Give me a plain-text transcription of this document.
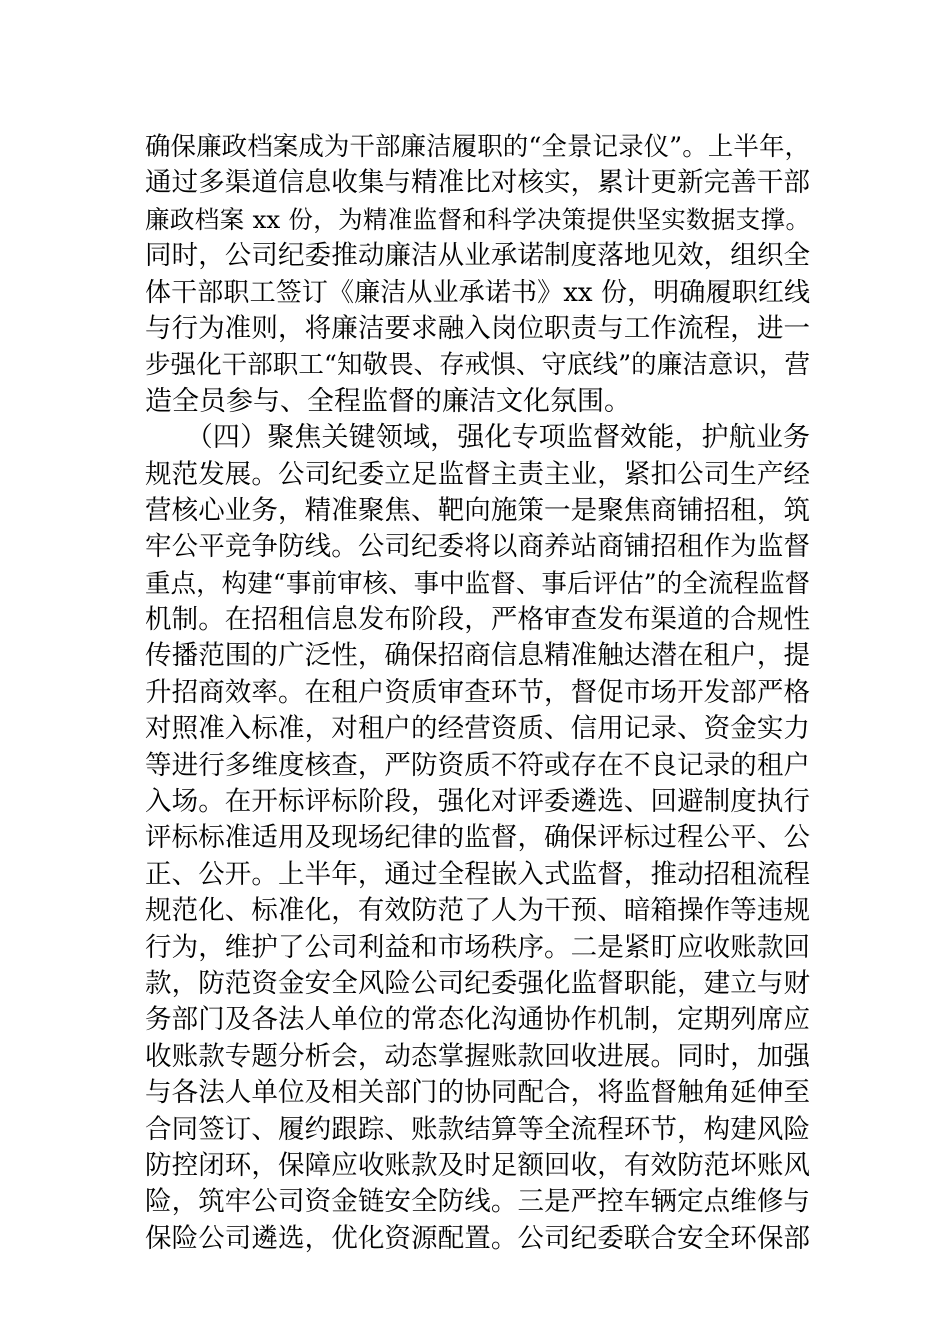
确保廉政档案成为干部廉洁履职的“全景记录仪”。上半年，
通过多渠道信息收集与精准比对核实，累计更新完善干部
廉政档案 xx 份，为精准监督和科学决策提供坚实数据支撑。
同时，公司纪委推动廉洁从业承诺制度落地见效，组织全
体干部职工签订《廉洁从业承诺书》xx 份，明确履职红线
与行为准则，将廉洁要求融入岗位职责与工作流程，进一
步强化干部职工“知敬畏、存戒惧、守底线”的廉洁意识，营
造全员参与、全程监督的廉洁文化氛围。
　　（四）聚焦关键领域，强化专项监督效能，护航业务
规范发展。公司纪委立足监督主责主业，紧扣公司生产经
营核心业务，精准聚焦、靶向施策一是聚焦商铺招租，筑
牢公平竞争防线。公司纪委将以商养站商铺招租作为监督
重点，构建“事前审核、事中监督、事后评估”的全流程监督
机制。在招租信息发布阶段，严格审查发布渠道的合规性
传播范围的广泛性，确保招商信息精准触达潜在租户，提
升招商效率。在租户资质审查环节，督促市场开发部严格
对照准入标准，对租户的经营资质、信用记录、资金实力
等进行多维度核查，严防资质不符或存在不良记录的租户
入场。在开标评标阶段，强化对评委遴选、回避制度执行
评标标准适用及现场纪律的监督，确保评标过程公平、公
正、公开。上半年，通过全程嵌入式监督，推动招租流程
规范化、标准化，有效防范了人为干预、暗箱操作等违规
行为，维护了公司利益和市场秩序。二是紧盯应收账款回
款，防范资金安全风险公司纪委强化监督职能，建立与财
务部门及各法人单位的常态化沟通协作机制，定期列席应
收账款专题分析会，动态掌握账款回收进展。同时，加强
与各法人单位及相关部门的协同配合，将监督触角延伸至
合同签订、履约跟踪、账款结算等全流程环节，构建风险
防控闭环，保障应收账款及时足额回收，有效防范坏账风
险，筑牢公司资金链安全防线。三是严控车辆定点维修与
保险公司遴选，优化资源配置。公司纪委联合安全环保部
